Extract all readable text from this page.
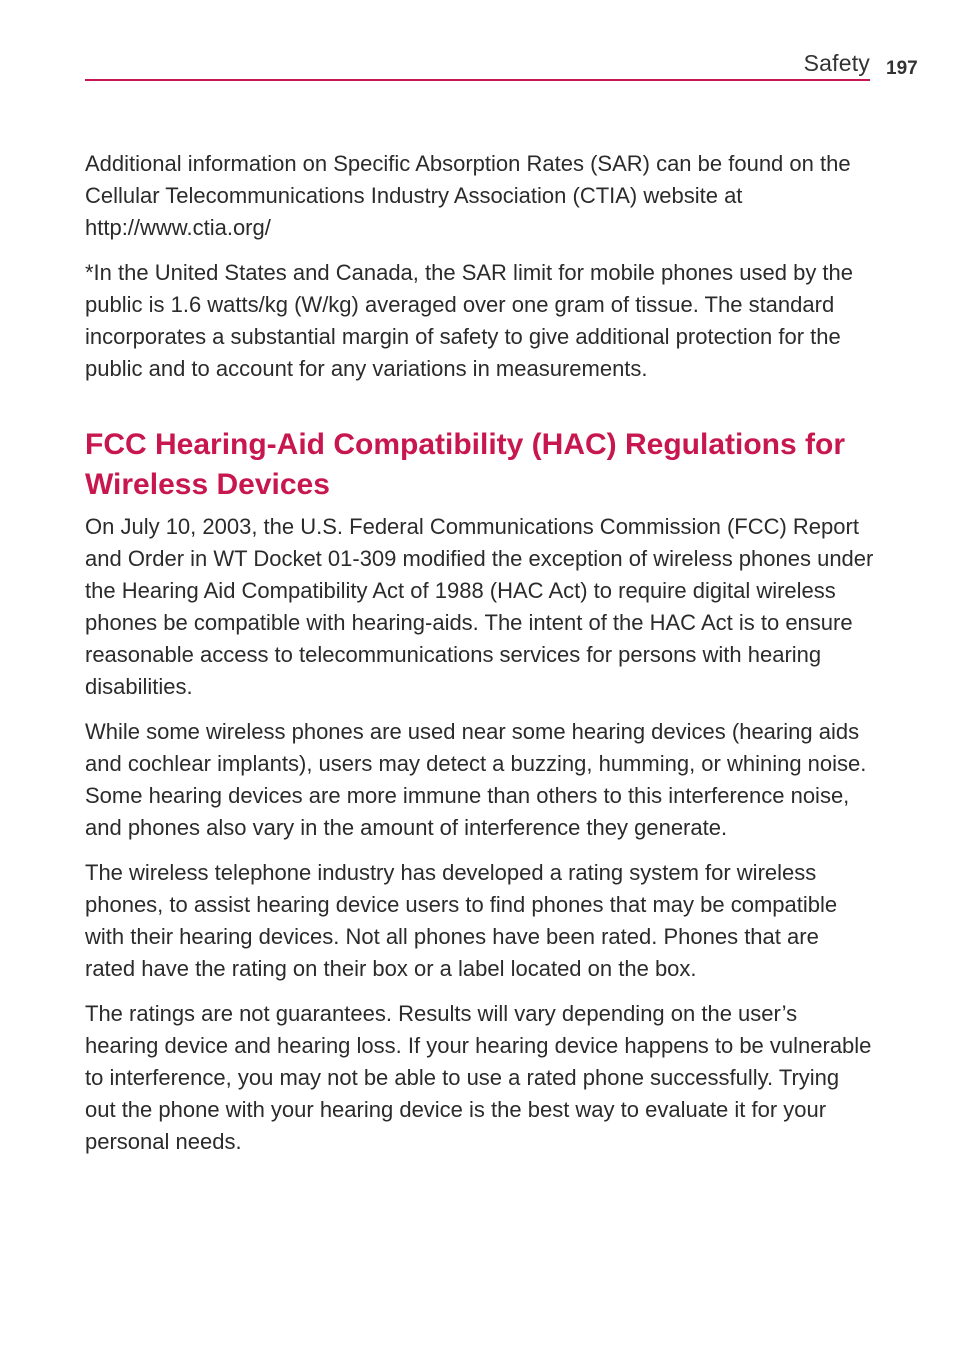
Safety 197

Additional information on Specific Absorption Rates (SAR) can be found on the Cellular Telecommunications Industry Association (CTIA) website at http://www.ctia.org/

*In the United States and Canada, the SAR limit for mobile phones used by the public is 1.6 watts/kg (W/kg) averaged over one gram of tissue. The standard incorporates a substantial margin of safety to give additional protection for the public and to account for any variations in measurements.

FCC Hearing-Aid Compatibility (HAC) Regulations for Wireless Devices

On July 10, 2003, the U.S. Federal Communications Commission (FCC) Report and Order in WT Docket 01-309 modified the exception of wireless phones under the Hearing Aid Compatibility Act of 1988 (HAC Act) to require digital wireless phones be compatible with hearing-aids. The intent of the HAC Act is to ensure reasonable access to telecommunications services for persons with hearing disabilities.

While some wireless phones are used near some hearing devices (hearing aids and cochlear implants), users may detect a buzzing, humming, or whining noise. Some hearing devices are more immune than others to this interference noise, and phones also vary in the amount of interference they generate.

The wireless telephone industry has developed a rating system for wireless phones, to assist hearing device users to find phones that may be compatible with their hearing devices. Not all phones have been rated. Phones that are rated have the rating on their box or a label located on the box.

The ratings are not guarantees. Results will vary depending on the user’s hearing device and hearing loss. If your hearing device happens to be vulnerable to interference, you may not be able to use a rated phone successfully. Trying out the phone with your hearing device is the best way to evaluate it for your personal needs.
